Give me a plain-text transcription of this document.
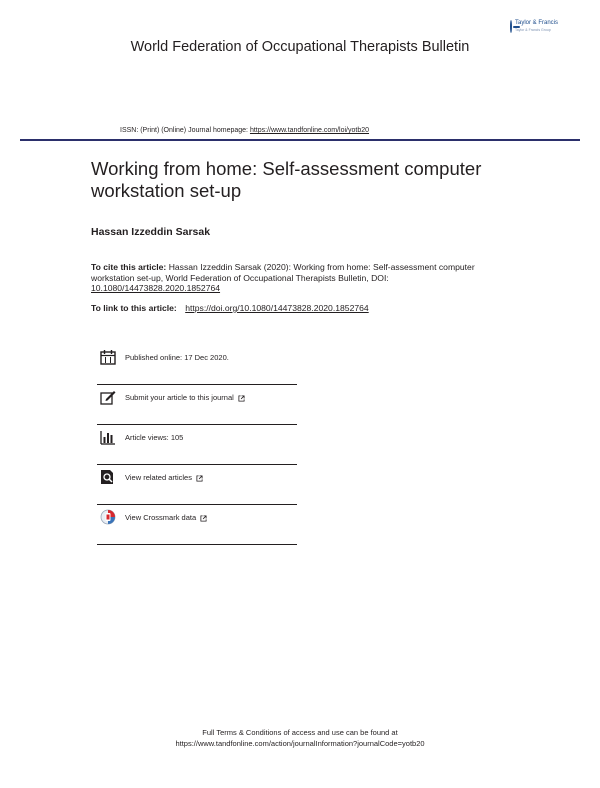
Taylor & Francis
Taylor & Francis Group
World Federation of Occupational Therapists Bulletin
ISSN: (Print) (Online) Journal homepage: https://www.tandfonline.com/loi/yotb20
Working from home: Self-assessment computer workstation set-up
Hassan Izzeddin Sarsak
To cite this article: Hassan Izzeddin Sarsak (2020): Working from home: Self-assessment computer workstation set-up, World Federation of Occupational Therapists Bulletin, DOI: 10.1080/14473828.2020.1852764
To link to this article: https://doi.org/10.1080/14473828.2020.1852764
Published online: 17 Dec 2020.
Submit your article to this journal
Article views: 105
View related articles
View Crossmark data
Full Terms & Conditions of access and use can be found at
https://www.tandfonline.com/action/journalInformation?journalCode=yotb20
